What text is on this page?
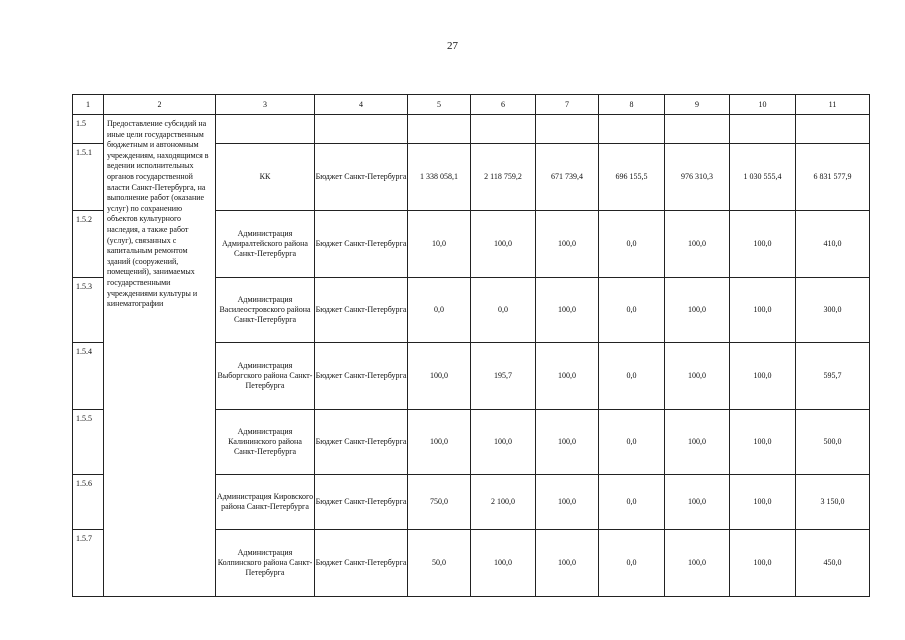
27
1	2	3	4	5	6	7	8	9	10	11
1.5	Предоставление субсидий на иные цели государственным бюджетным и автономным учреждениям, находящимся в ведении исполнительных органов государственной власти Санкт-Петербурга, на выполнение работ (оказание услуг) по сохранению объектов культурного наследия, а также работ (услуг), связанных с капитальным ремонтом зданий (сооружений, помещений), занимаемых государственными учреждениями культуры и кинематографии									
1.5.1		КК	Бюджет Санкт-Петербурга	1 338 058,1	2 118 759,2	671 739,4	696 155,5	976 310,3	1 030 555,4	6 831 577,9
1.5.2		Администрация Адмиралтейского района Санкт-Петербурга	Бюджет Санкт-Петербурга	10,0	100,0	100,0	0,0	100,0	100,0	410,0
1.5.3		Администрация Василеостровского района Санкт-Петербурга	Бюджет Санкт-Петербурга	0,0	0,0	100,0	0,0	100,0	100,0	300,0
1.5.4		Администрация Выборгского района Санкт-Петербурга	Бюджет Санкт-Петербурга	100,0	195,7	100,0	0,0	100,0	100,0	595,7
1.5.5		Администрация Калининского района Санкт-Петербурга	Бюджет Санкт-Петербурга	100,0	100,0	100,0	0,0	100,0	100,0	500,0
1.5.6		Администрация Кировского района Санкт-Петербурга	Бюджет Санкт-Петербурга	750,0	2 100,0	100,0	0,0	100,0	100,0	3 150,0
1.5.7		Администрация Колпинского района Санкт-Петербурга	Бюджет Санкт-Петербурга	50,0	100,0	100,0	0,0	100,0	100,0	450,0
